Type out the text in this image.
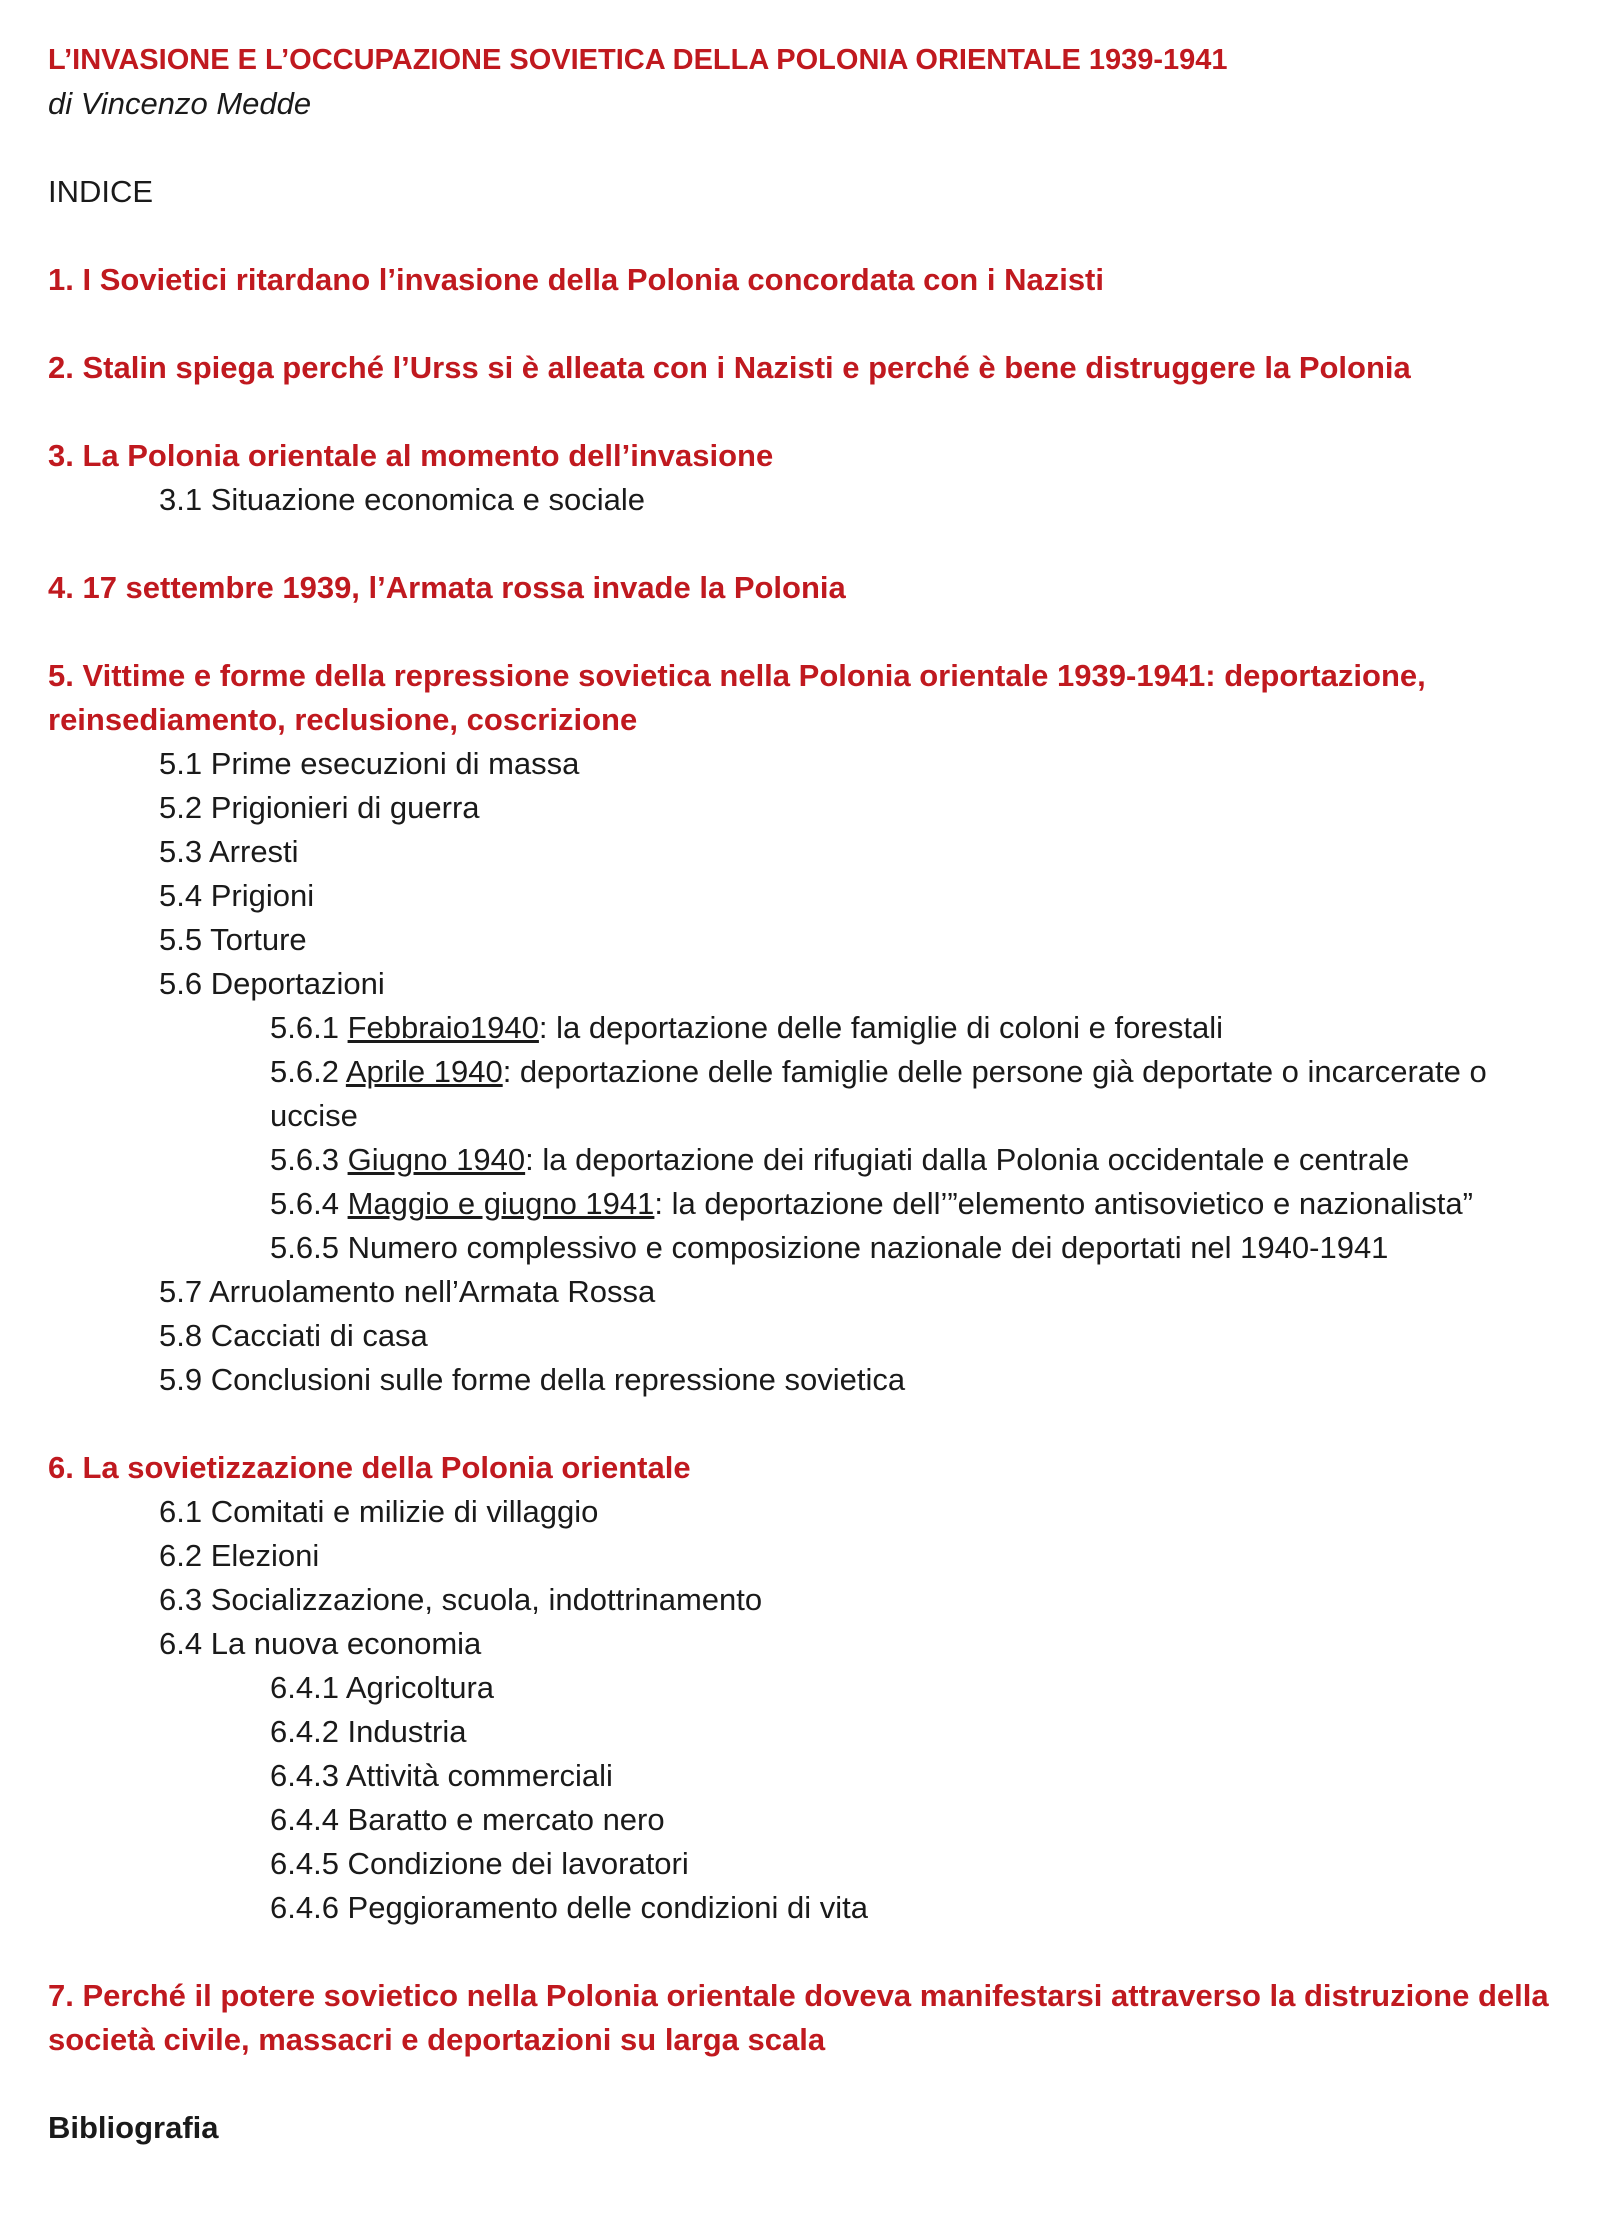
L’INVASIONE E L’OCCUPAZIONE SOVIETICA DELLA POLONIA ORIENTALE 1939-1941

di Vincenzo Medde

INDICE

1. I Sovietici ritardano l’invasione della Polonia concordata con i Nazisti

2. Stalin spiega perché l’Urss si è alleata con i Nazisti e perché è bene distruggere la Polonia

3. La Polonia orientale al momento dell’invasione

3.1 Situazione economica e sociale

4. 17 settembre 1939, l’Armata rossa invade la Polonia

5. Vittime e forme della repressione sovietica nella Polonia orientale 1939-1941: deportazione, reinsediamento, reclusione, coscrizione

5.1 Prime esecuzioni di massa

5.2 Prigionieri di guerra

5.3 Arresti

5.4 Prigioni

5.5 Torture

5.6 Deportazioni

5.6.1 Febbraio1940: la deportazione delle famiglie di coloni e forestali

5.6.2 Aprile 1940: deportazione delle famiglie delle persone già deportate o incarcerate o uccise

5.6.3 Giugno 1940: la deportazione dei rifugiati dalla Polonia occidentale e centrale

5.6.4 Maggio e giugno 1941: la deportazione dell’”elemento antisovietico e nazionalista”

5.6.5 Numero complessivo e composizione nazionale dei deportati nel 1940-1941

5.7 Arruolamento nell’Armata Rossa

5.8 Cacciati di casa

5.9 Conclusioni sulle forme della repressione sovietica

6. La sovietizzazione della Polonia orientale

6.1 Comitati e milizie di villaggio

6.2 Elezioni

6.3 Socializzazione, scuola, indottrinamento

6.4 La nuova economia

6.4.1 Agricoltura

6.4.2 Industria

6.4.3 Attività commerciali

6.4.4 Baratto e mercato nero

6.4.5 Condizione dei lavoratori

6.4.6 Peggioramento delle condizioni di vita

7. Perché il potere sovietico nella Polonia orientale doveva manifestarsi attraverso la distruzione della società civile, massacri e deportazioni su larga scala

Bibliografia
